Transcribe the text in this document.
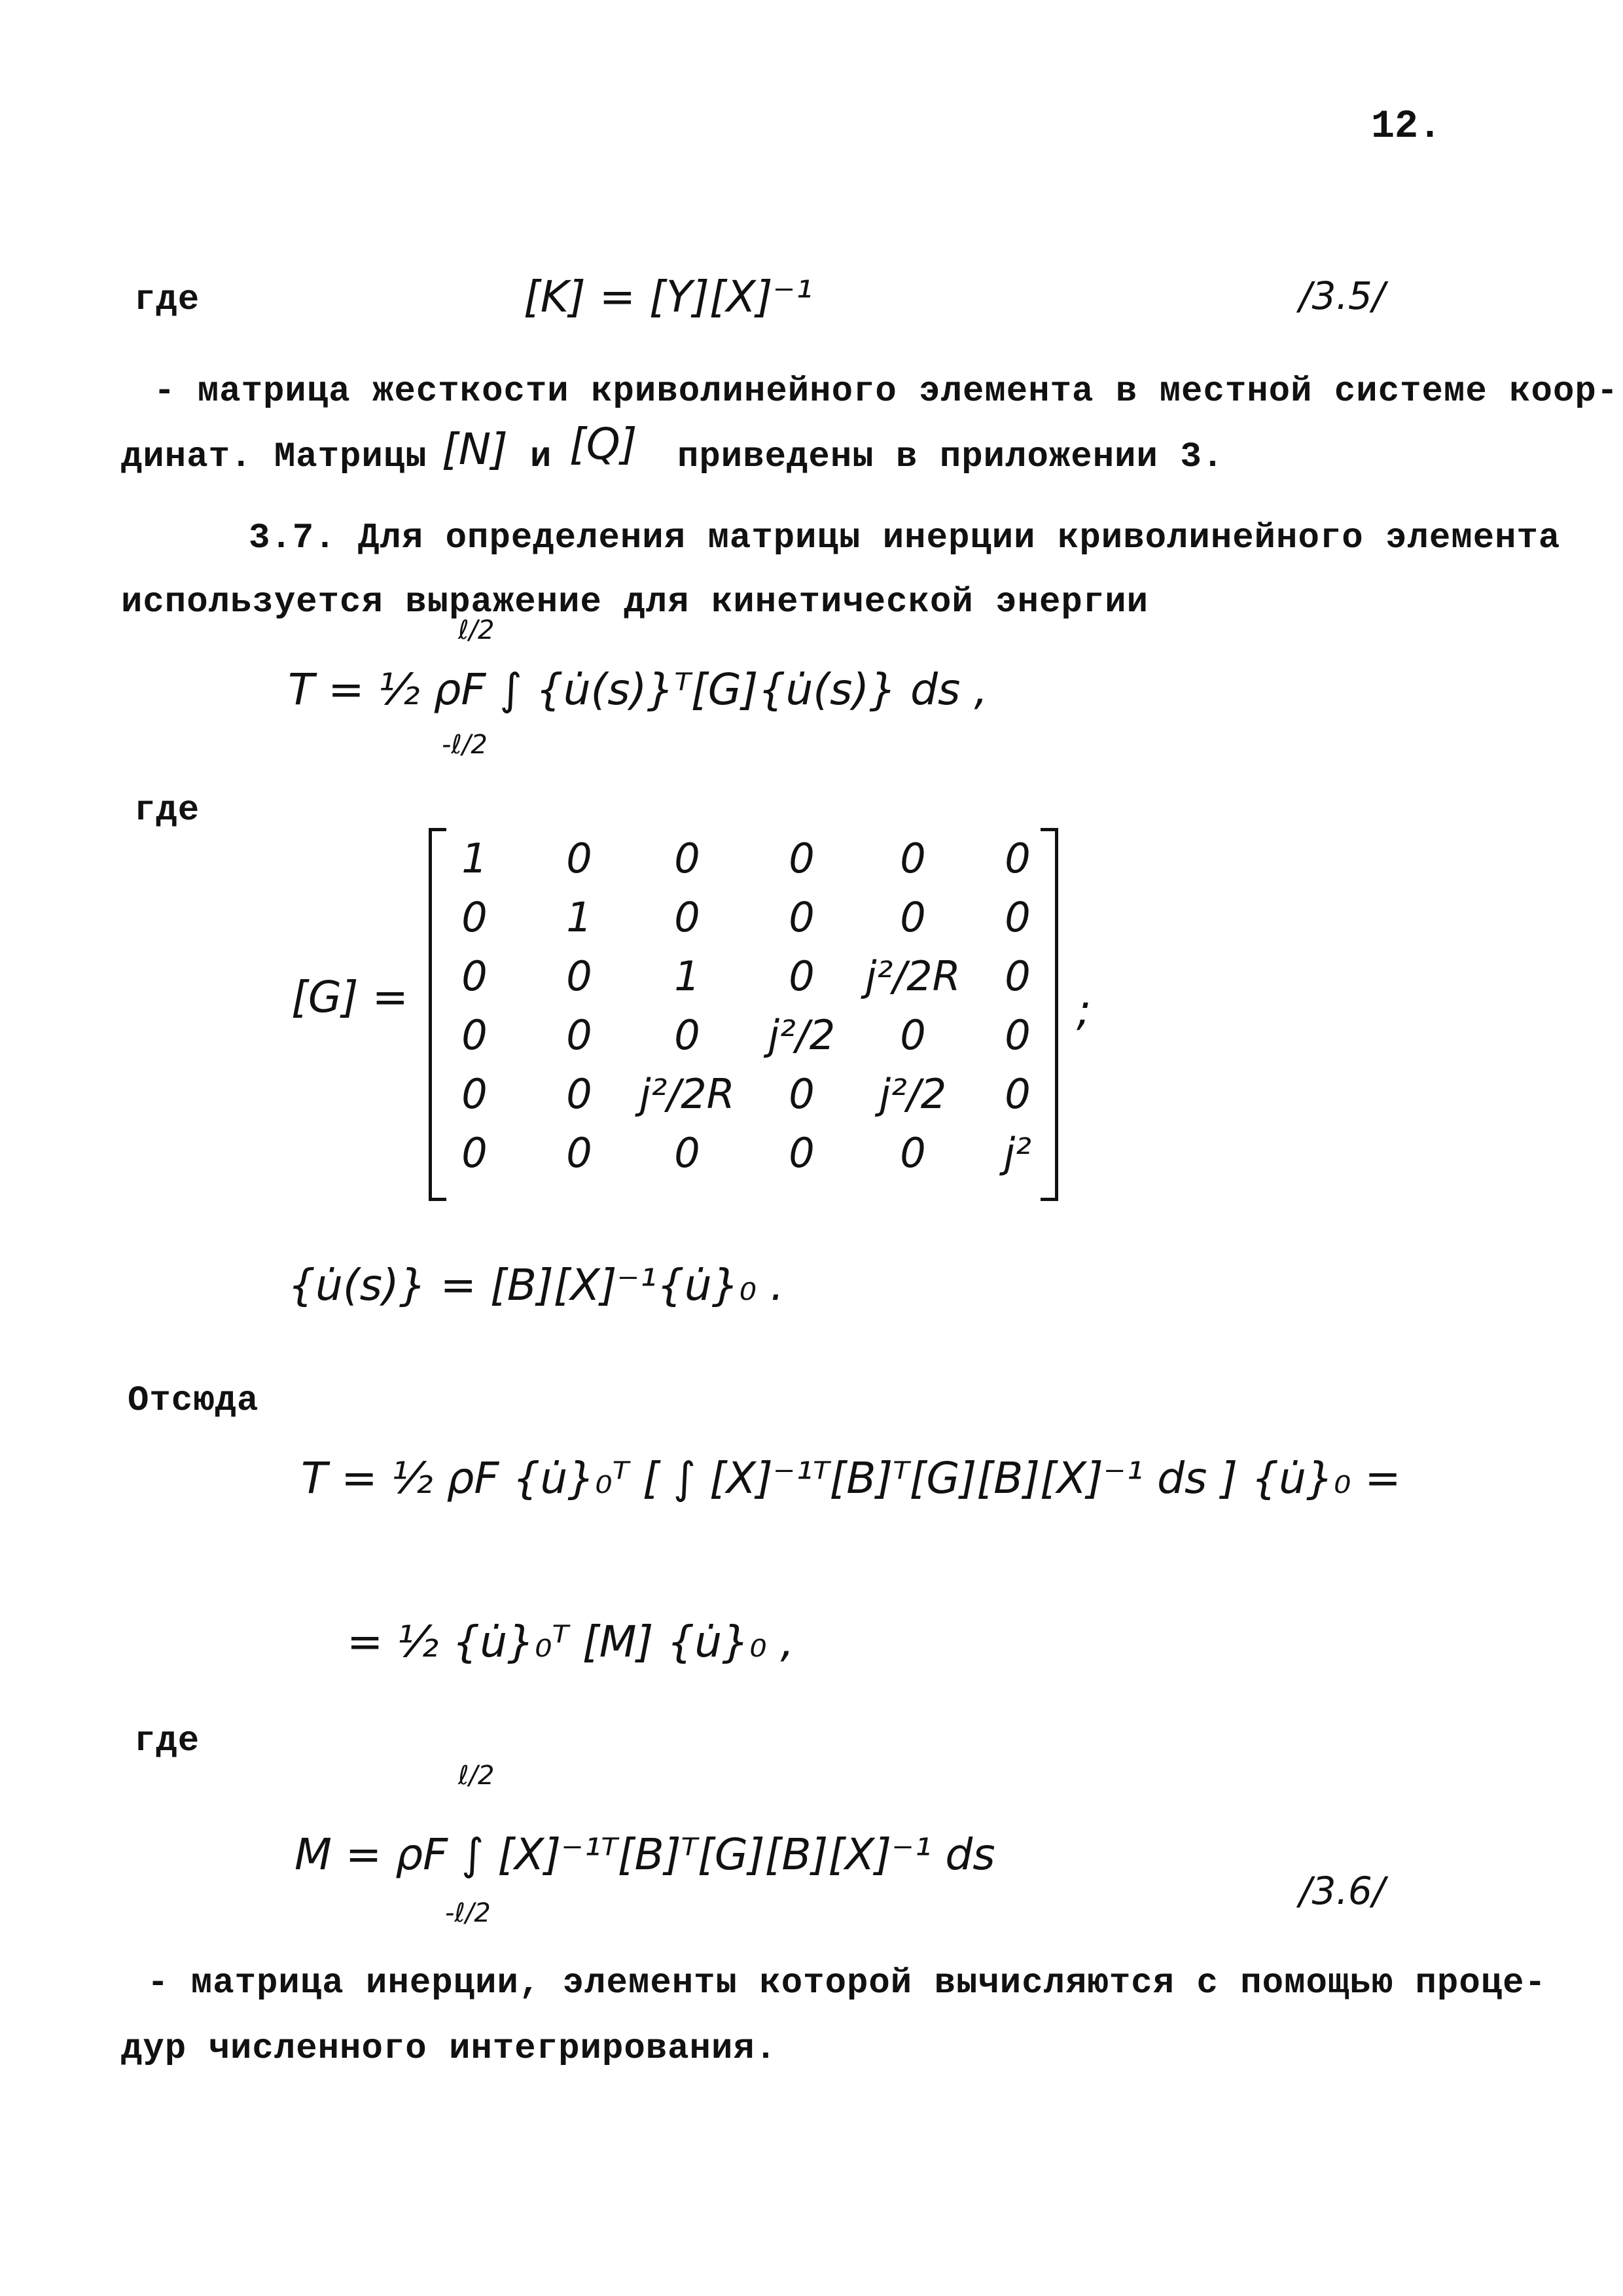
12.
где	[K] = [Y][X]⁻¹	/3.5/
- матрица жесткости криволинейного элемента в местной системе коор-
динат. Матрицы [N] и [Q] приведены в приложении 3.
3.7. Для определения матрицы инерции криволинейного элемента
используется выражение для кинетической энергии
ℓ/2
T = ½ ρF ∫ {u̇(s)}ᵀ[G]{u̇(s)} ds ,
-ℓ/2
где
[G] =
1	0	0	0	0	0
0	1	0	0	0	0
0	0	1	0	j²/2R	0
0	0	0	j²/2	0	0
0	0	j²/2R	0	j²/2	0
0	0	0	0	0	j²
;
{u̇(s)} = [B][X]⁻¹{u̇}₀ .
Отсюда
T = ½ ρF {u̇}₀ᵀ [ ∫ [X]⁻¹ᵀ[B]ᵀ[G][B][X]⁻¹ ds ] {u̇}₀ =
= ½ {u̇}₀ᵀ [M] {u̇}₀ ,
где
ℓ/2
M = ρF ∫ [X]⁻¹ᵀ[B]ᵀ[G][B][X]⁻¹ ds
-ℓ/2	/3.6/
- матрица инерции, элементы которой вычисляются с помощью проце-
дур численного интегрирования.
